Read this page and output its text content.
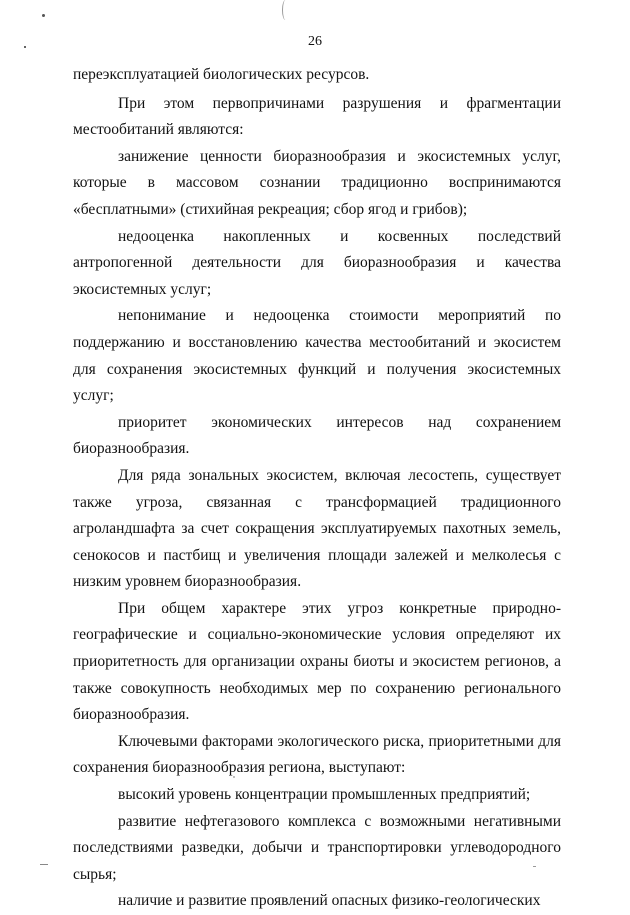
26

переэксплуатацией биологических ресурсов.

При этом первопричинами разрушения и фрагментации местообитаний являются:

занижение ценности биоразнообразия и экосистемных услуг, которые в массовом сознании традиционно воспринимаются «бесплатными» (стихийная рекреация; сбор ягод и грибов);

недооценка накопленных и косвенных последствий антропогенной деятельности для биоразнообразия и качества экосистемных услуг;

непонимание и недооценка стоимости мероприятий по поддержанию и восстановлению качества местообитаний и экосистем для сохранения экосистемных функций и получения экосистемных услуг;

приоритет экономических интересов над сохранением биоразнообразия.

Для ряда зональных экосистем, включая лесостепь, существует также угроза, связанная с трансформацией традиционного агроландшафта за счет сокращения эксплуатируемых пахотных земель, сенокосов и пастбищ и увеличения площади залежей и мелколесья с низким уровнем биоразнообразия.

При общем характере этих угроз конкретные природно-географические и социально-экономические условия определяют их приоритетность для организации охраны биоты и экосистем регионов, а также совокупность необходимых мер по сохранению регионального биоразнообразия.

Ключевыми факторами экологического риска, приоритетными для сохранения биоразнообразия региона, выступают:

высокий уровень концентрации промышленных предприятий;

развитие нефтегазового комплекса с возможными негативными последствиями разведки, добычи и транспортировки углеводородного сырья;

наличие и развитие проявлений опасных физико-геологических
